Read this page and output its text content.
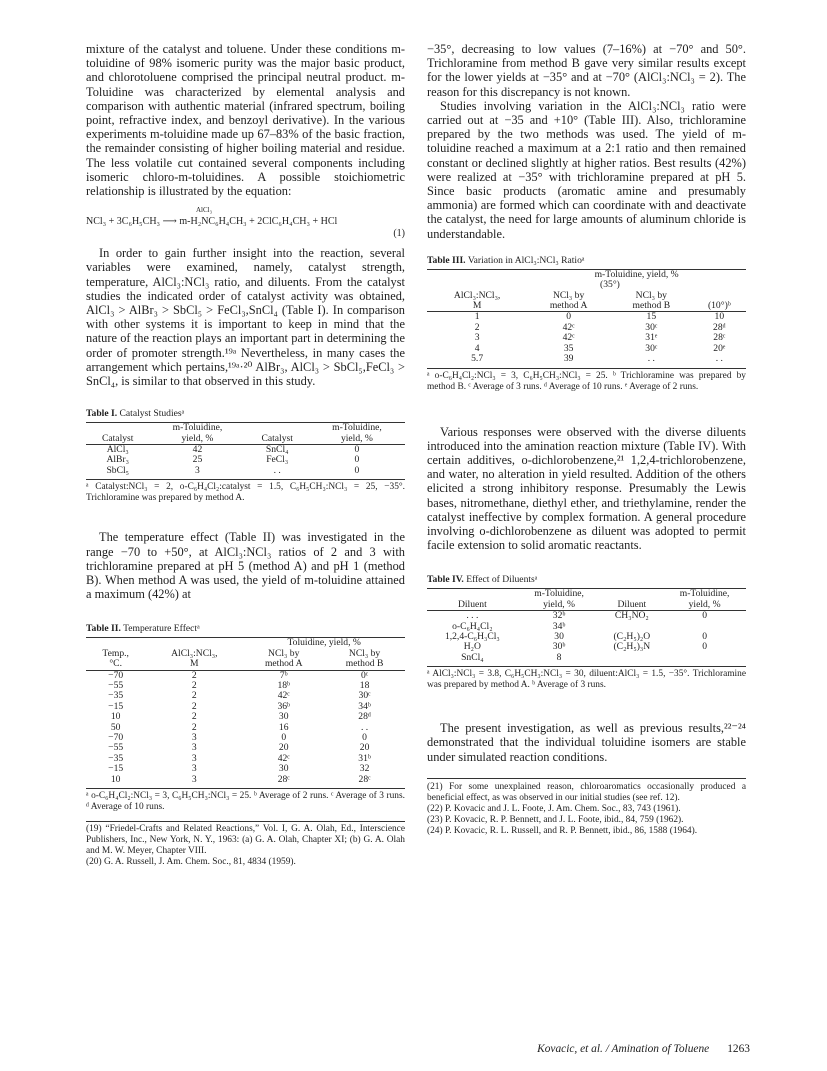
mixture of the catalyst and toluene. Under these conditions m-toluidine of 98% isomeric purity was the major basic product, and chlorotoluene comprised the principal neutral product. m-Toluidine was characterized by elemental analysis and comparison with authentic material (infrared spectrum, boiling point, refractive index, and benzoyl derivative). In the various experiments m-toluidine made up 67–83% of the basic fraction, the remainder consisting of higher boiling material and residue. The less volatile cut contained several components including isomeric chloro-m-toluidines. A possible stoichiometric relationship is illustrated by the equation:

AlCl₃
NCl₃ + 3C₆H₅CH₃ ⟶ m-H₂NC₆H₄CH₃ + 2ClC₆H₄CH₃ + HCl
(1)

In order to gain further insight into the reaction, several variables were examined, namely, catalyst strength, temperature, AlCl₃:NCl₃ ratio, and diluents. From the catalyst studies the indicated order of catalyst activity was obtained, AlCl₃ > AlBr₃ > SbCl₅ > FeCl₃,SnCl₄ (Table I). In comparison with other systems it is important to keep in mind that the nature of the reaction plays an important part in determining the order of promoter strength.¹⁹ᵃ Nevertheless, in many cases the arrangement which pertains,¹⁹ᵃ·²⁰ AlBr₃, AlCl₃ > SbCl₅,FeCl₃ > SnCl₄, is similar to that observed in this study.

Table I. Catalyst Studiesᵃ

	m-Toluidine,		m-Toluidine,
Catalyst	yield, %	Catalyst	yield, %

AlCl₃	42	SnCl₄	0
AlBr₃	25	FeCl₃	0
SbCl₅	3	. .	0
ᵃ Catalyst:NCl₃ = 2, o-C₆H₄Cl₂:catalyst = 1.5, C₆H₅CH₃:NCl₃ = 25, −35°. Trichloramine was prepared by method A.

The temperature effect (Table II) was investigated in the range −70 to +50°, at AlCl₃:NCl₃ ratios of 2 and 3 with trichloramine prepared at pH 5 (method A) and pH 1 (method B). When method A was used, the yield of m-toluidine attained a maximum (42%) at

Table II. Temperature Effectᵃ

		Toluidine, yield, %	
Temp.,	AlCl₃:NCl₃,	NCl₃ by	NCl₃ by
°C.	M	method A	method B

−70	2	7ᵇ	0ᶜ
−55	2	18ᵇ	18
−35	2	42ᶜ	30ᶜ
−15	2	36ᵇ	34ᵇ
10	2	30	28ᵈ
50	2	16	. .
−70	3	0	0
−55	3	20	20
−35	3	42ᶜ	31ᵇ
−15	3	30	32
10	3	28ᶜ	28ᶜ
ᵃ o-C₆H₄Cl₂:NCl₃ = 3, C₆H₅CH₃:NCl₃ = 25. ᵇ Average of 2 runs. ᶜ Average of 3 runs. ᵈ Average of 10 runs.
(19) “Friedel-Crafts and Related Reactions,” Vol. I, G. A. Olah, Ed., Interscience Publishers, Inc., New York, N. Y., 1963: (a) G. A. Olah, Chapter XI; (b) G. A. Olah and M. W. Meyer, Chapter VIII.
(20) G. A. Russell, J. Am. Chem. Soc., 81, 4834 (1959).

−35°, decreasing to low values (7–16%) at −70° and 50°. Trichloramine from method B gave very similar results except for the lower yields at −35° and at −70° (AlCl₃:NCl₃ = 2). The reason for this discrepancy is not known.

Studies involving variation in the AlCl₃:NCl₃ ratio were carried out at −35 and +10° (Table III). Also, trichloramine prepared by the two methods was used. The yield of m-toluidine reached a maximum at a 2:1 ratio and then remained constant or declined slightly at higher ratios. Best results (42%) were realized at −35° with trichloramine prepared at pH 5. Since basic products (aromatic amine and presumably ammonia) are formed which can coordinate with and deactivate the catalyst, the need for large amounts of aluminum chloride is understandable.

Table III. Variation in AlCl₃:NCl₃ Ratioᵃ

	m-Toluidine, yield, %		
	(35°)		
AlCl₃:NCl₃,	NCl₃ by	NCl₃ by	
M	method A	method B	(10°)ᵇ

1	0	15	10
2	42ᶜ	30ᶜ	28ᵈ
3	42ᶜ	31ᵉ	28ᶜ
4	35	30ᶜ	20ᵉ
5.7	39	. .	. .
ᵃ o-C₆H₄Cl₂:NCl₃ = 3, C₆H₅CH₃:NCl₃ = 25. ᵇ Trichloramine was prepared by method B. ᶜ Average of 3 runs. ᵈ Average of 10 runs. ᵉ Average of 2 runs.

Various responses were observed with the diverse diluents introduced into the amination reaction mixture (Table IV). With certain additives, o-dichlorobenzene,²¹ 1,2,4-trichlorobenzene, and water, no alteration in yield resulted. Addition of the others elicited a strong inhibitory response. Presumably the Lewis bases, nitromethane, diethyl ether, and triethylamine, render the catalyst ineffective by complex formation. A general procedure involving o-dichlorobenzene as diluent was adopted to permit facile extension to solid aromatic reactants.

Table IV. Effect of Diluentsᵃ

	m-Toluidine,		m-Toluidine,
Diluent	yield, %	Diluent	yield, %

. . .	32ᵇ	CH₃NO₂	0
o-C₆H₄Cl₂	34ᵇ		
1,2,4-C₆H₃Cl₃	30	(C₂H₅)₂O	0
H₂O	30ᵇ	(C₂H₅)₃N	0
SnCl₄	8		
ᵃ AlCl₃:NCl₃ = 3.8, C₆H₅CH₃:NCl₃ = 30, diluent:AlCl₃ = 1.5, −35°. Trichloramine was prepared by method A. ᵇ Average of 3 runs.

The present investigation, as well as previous results,²²⁻²⁴ demonstrated that the individual toluidine isomers are stable under simulated reaction conditions.

(21) For some unexplained reason, chloroaromatics occasionally produced a beneficial effect, as was observed in our initial studies (see ref. 12).
(22) P. Kovacic and J. L. Foote, J. Am. Chem. Soc., 83, 743 (1961).
(23) P. Kovacic, R. P. Bennett, and J. L. Foote, ibid., 84, 759 (1962).
(24) P. Kovacic, R. L. Russell, and R. P. Bennett, ibid., 86, 1588 (1964).
Kovacic, et al. / Amination of Toluene 1263
